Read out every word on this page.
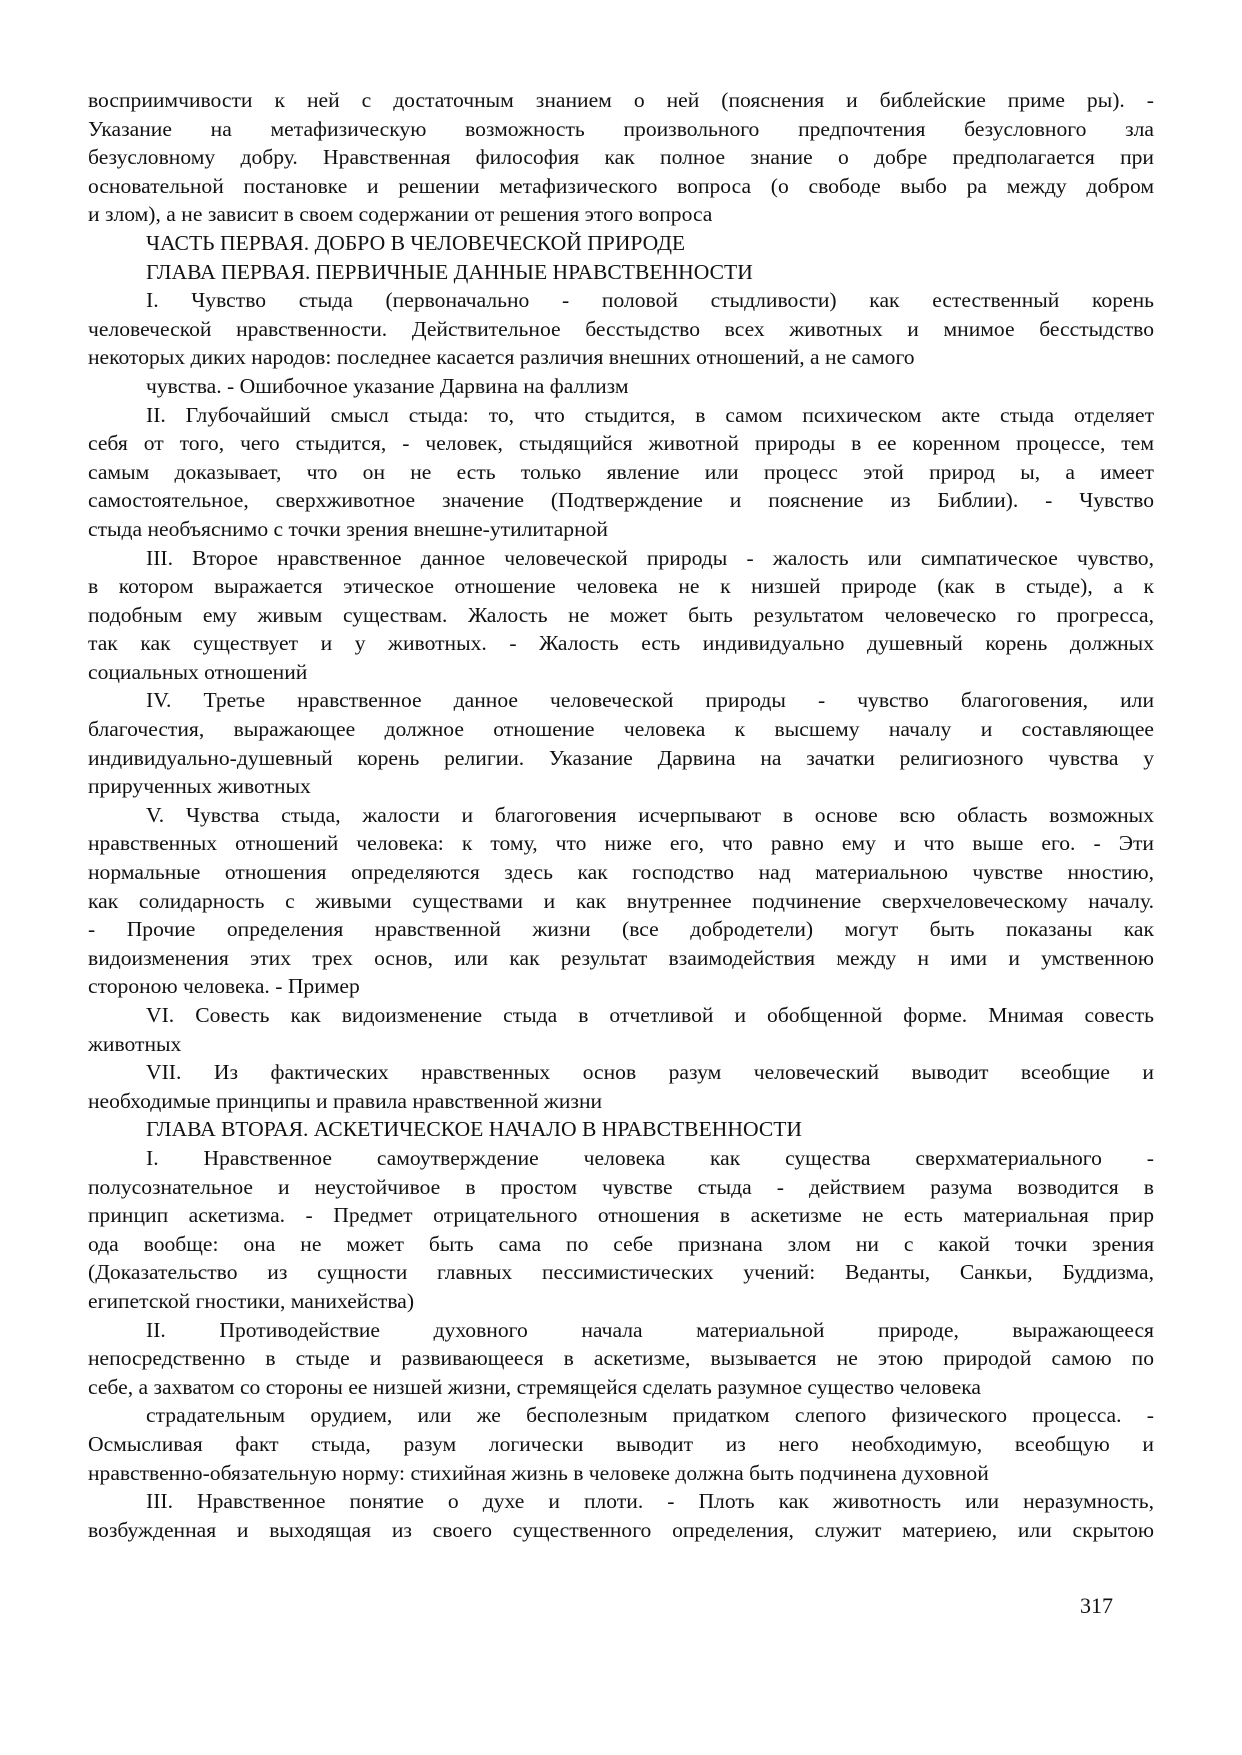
восприимчивости к ней с достаточным знанием о ней (пояснения и библейские приме ры). -
Указание на метафизическую возможность произвольного предпочтения безусловного зла
безусловному добру. Нравственная философия как полное знание о добре предполагается при
основательной постановке и решении метафизического вопроса (о свободе выбо ра между добром
и злом), а не зависит в своем содержании от решения этого вопроса
ЧАСТЬ ПЕРВАЯ. ДОБРО В ЧЕЛОВЕЧЕСКОЙ ПРИРОДЕ
ГЛАВА ПЕРВАЯ. ПЕРВИЧНЫЕ ДАННЫЕ НРАВСТВЕННОСТИ
I. Чувство стыда (первоначально - половой стыдливости) как естественный корень
человеческой нравственности. Действительное бесстыдство всех животных и мнимое бесстыдство
некоторых диких народов: последнее касается различия внешних отношений, а не самого
чувства. - Ошибочное указание Дарвина на фаллизм
II. Глубочайший смысл стыда: то, что стыдится, в самом психическом акте стыда отделяет
себя от того, чего стыдится, - человек, стыдящийся животной природы в ее коренном процессе, тем
самым доказывает, что он не есть только явление или процесс этой природ ы, а имеет
самостоятельное, сверхживотное значение (Подтверждение и пояснение из Библии). - Чувство
стыда необъяснимо с точки зрения внешне-утилитарной
III. Второе нравственное данное человеческой природы - жалость или симпатическое чувство,
в котором выражается этическое отношение человека не к низшей природе (как в стыде), а к
подобным ему живым существам. Жалость не может быть результатом человеческо го прогресса,
так как существует и у животных. - Жалость есть индивидуально душевный корень должных
социальных отношений
IV. Третье нравственное данное человеческой природы - чувство благоговения, или
благочестия, выражающее должное отношение человека к высшему началу и составляющее
индивидуально-душевный корень религии. Указание Дарвина на зачатки религиозного чувства у
прирученных животных
V. Чувства стыда, жалости и благоговения исчерпывают в основе всю область возможных
нравственных отношений человека: к тому, что ниже его, что равно ему и что выше его. - Эти
нормальные отношения определяются здесь как господство над материальною чувстве нностию,
как солидарность с живыми существами и как внутреннее подчинение сверхчеловеческому началу.
- Прочие определения нравственной жизни (все добродетели) могут быть показаны как
видоизменения этих трех основ, или как результат взаимодействия между н ими и умственною
стороною человека. - Пример
VI. Совесть как видоизменение стыда в отчетливой и обобщенной форме. Мнимая совесть
животных
VII. Из фактических нравственных основ разум человеческий выводит всеобщие и
необходимые принципы и правила нравственной жизни
ГЛАВА ВТОРАЯ. АСКЕТИЧЕСКОЕ НАЧАЛО В НРАВСТВЕННОСТИ
I. Нравственное самоутверждение человека как существа сверхматериального -
полусознательное и неустойчивое в простом чувстве стыда - действием разума возводится в
принцип аскетизма. - Предмет отрицательного отношения в аскетизме не есть материальная прир
ода вообще: она не может быть сама по себе признана злом ни с какой точки зрения
(Доказательство из сущности главных пессимистических учений: Веданты, Санкьи, Буддизма,
египетской гностики, манихейства)
II. Противодействие духовного начала материальной природе, выражающееся
непосредственно в стыде и развивающееся в аскетизме, вызывается не этою природой самою по
себе, а захватом со стороны ее низшей жизни, стремящейся сделать разумное существо человека
страдательным орудием, или же бесполезным придатком слепого физического процесса. -
Осмысливая факт стыда, разум логически выводит из него необходимую, всеобщую и
нравственно-обязательную норму: стихийная жизнь в человеке должна быть подчинена духовной
III. Нравственное понятие о духе и плоти. - Плоть как животность или неразумность,
возбужденная и выходящая из своего существенного определения, служит материею, или скрытою
317
